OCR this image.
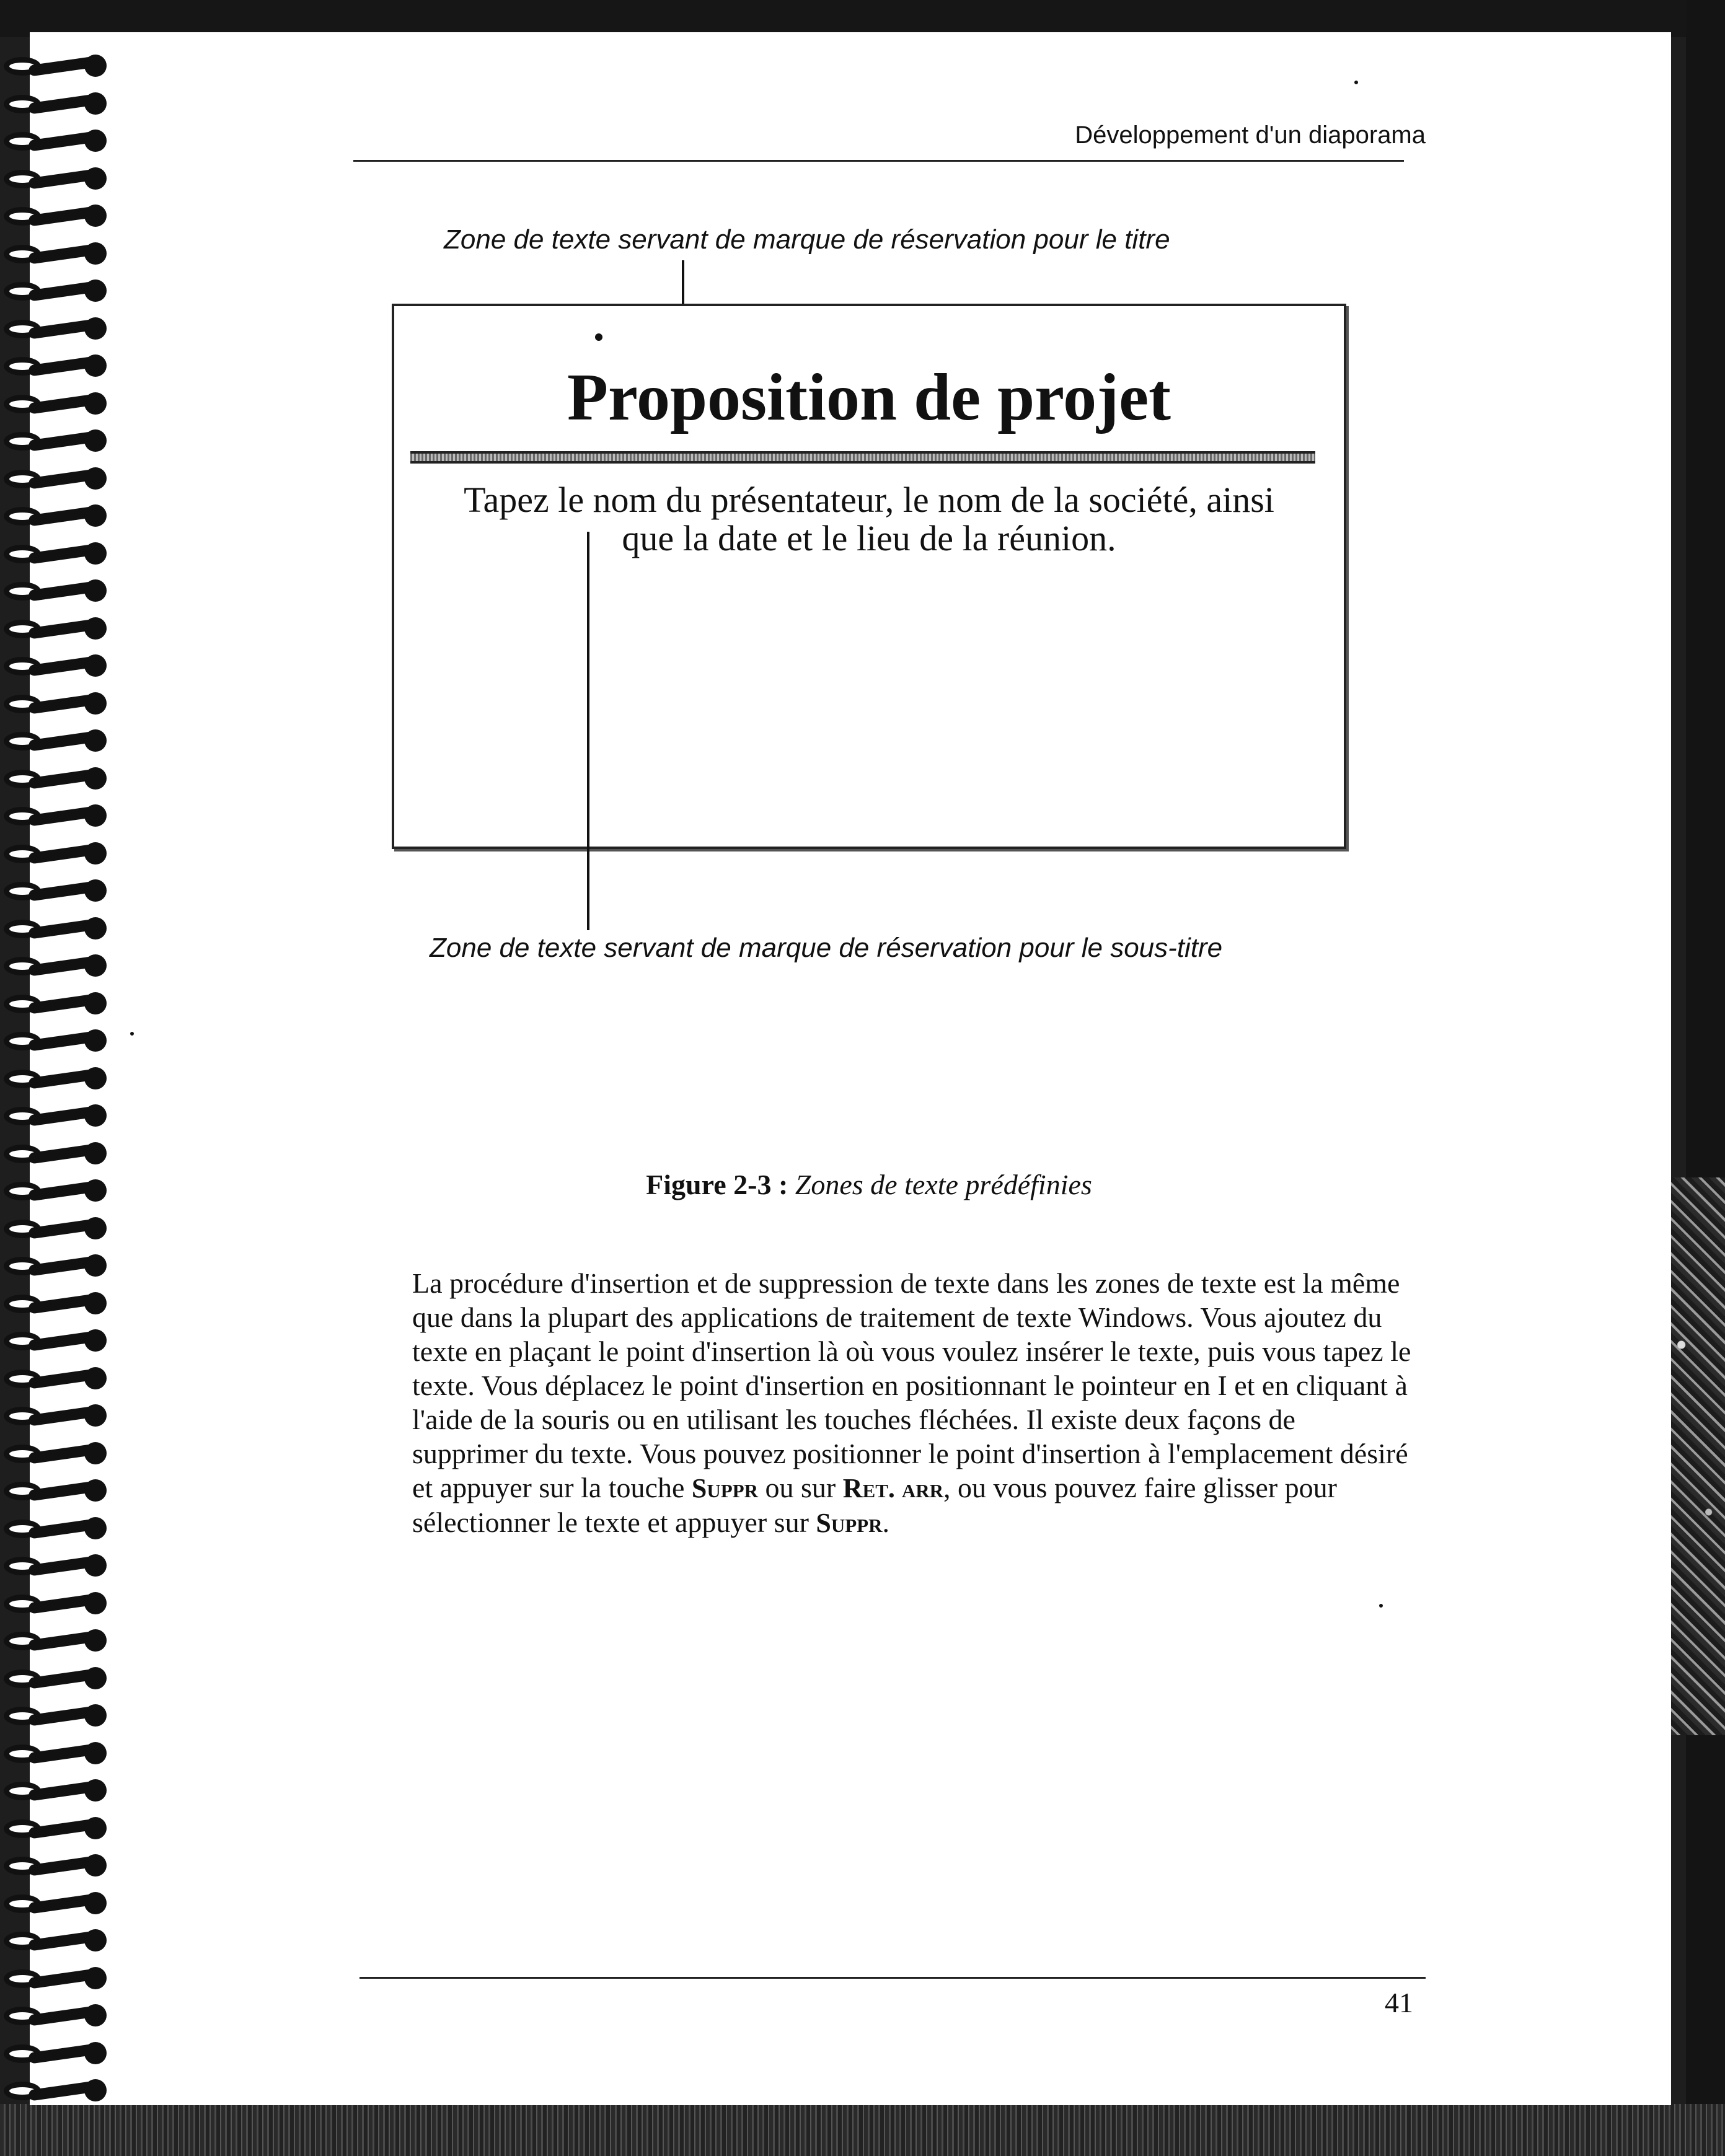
Développement d'un diaporama
Zone de texte servant de marque de réservation pour le titre
Proposition de projet
Tapez le nom du présentateur, le nom de la société, ainsi
que la date et le lieu de la réunion.
Zone de texte servant de marque de réservation pour le sous-titre
Figure 2-3 : Zones de texte prédéfinies

La procédure d'insertion et de suppression de texte dans les zones de texte est la même que dans la plupart des applications de traitement de texte Windows. Vous ajoutez du texte en plaçant le point d'insertion là où vous voulez insérer le texte, puis vous tapez le texte. Vous déplacez le point d'insertion en positionnant le pointeur en I et en cliquant à l'aide de la souris ou en utilisant les touches fléchées. Il existe deux façons de supprimer du texte. Vous pouvez positionner le point d'insertion à l'emplacement désiré et appuyer sur la touche Suppr ou sur Ret. arr, ou vous pouvez faire glisser pour sélectionner le texte et appuyer sur Suppr.

41
